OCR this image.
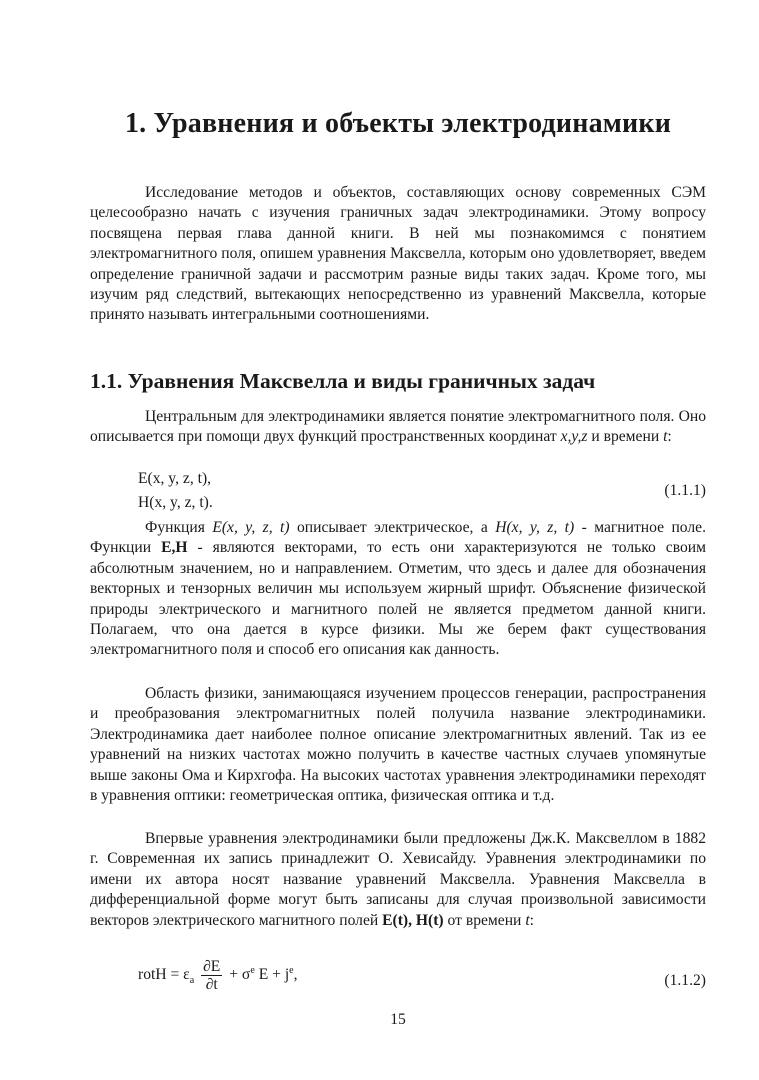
1. Уравнения и объекты электродинамики

Исследование методов и объектов, составляющих основу современных СЭМ целесообразно начать с изучения граничных задач электродинамики. Этому вопросу посвящена первая глава данной книги. В ней мы познакомимся с понятием электромагнитного поля, опишем уравнения Максвелла, которым оно удовлетворяет, введем определение граничной задачи и рассмотрим разные виды таких задач. Кроме того, мы изучим ряд следствий, вытекающих непосредственно из уравнений Максвелла, которые принято называть интегральными соотношениями.

1.1. Уравнения Максвелла и виды граничных задач

Центральным для электродинамики является понятие электромагнитного поля. Оно описывается при помощи двух функций пространственных координат x,y,z и времени t:

E(x, y, z, t),
H(x, y, z, t).
(1.1.1)

Функция E(x, y, z, t) описывает электрическое, а H(x, y, z, t) - магнитное поле. Функции E,H - являются векторами, то есть они характеризуются не только своим абсолютным значением, но и направлением. Отметим, что здесь и далее для обозначения векторных и тензорных величин мы используем жирный шрифт. Объяснение физической природы электрического и магнитного полей не является предметом данной книги. Полагаем, что она дается в курсе физики. Мы же берем факт существования электромагнитного поля и способ его описания как данность.

Область физики, занимающаяся изучением процессов генерации, распространения и преобразования электромагнитных полей получила название электродинамики. Электродинамика дает наиболее полное описание электромагнитных явлений. Так из ее уравнений на низких частотах можно получить в качестве частных случаев упомянутые выше законы Ома и Кирхгофа. На высоких частотах уравнения электродинамики переходят в уравнения оптики: геометрическая оптика, физическая оптика и т.д.

Впервые уравнения электродинамики были предложены Дж.К. Максвеллом в 1882 г. Современная их запись принадлежит О. Хевисайду. Уравнения электродинамики по имени их автора носят название уравнений Максвелла. Уравнения Максвелла в дифференциальной форме могут быть записаны для случая произвольной зависимости векторов электрического магнитного полей E(t), H(t) от времени t:

rotH = $\varepsilon_a \frac{\partial E}{\partial t} + \sigma^e$ $E + j^e$,	(1.1.2)
15
